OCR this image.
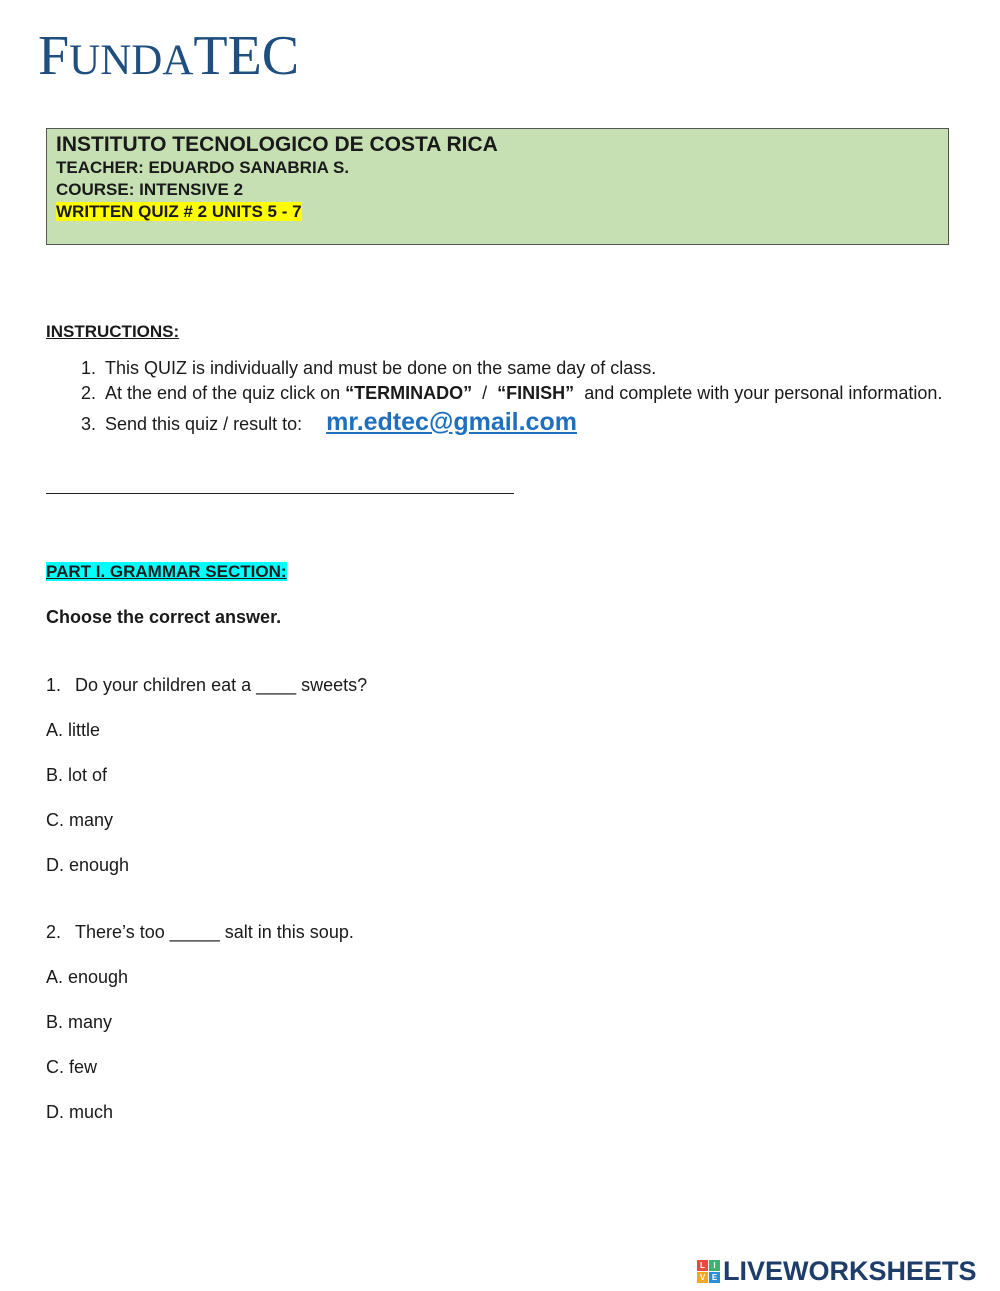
FUNDATEC
INSTITUTO TECNOLOGICO DE COSTA RICA
TEACHER: EDUARDO SANABRIA S.
COURSE: INTENSIVE 2
WRITTEN QUIZ # 2 UNITS 5 - 7
INSTRUCTIONS:
1. This QUIZ is individually and must be done on the same day of class.
2. At the end of the quiz click on “TERMINADO”  /  “FINISH”  and complete with your personal information.
3. Send this quiz / result to: mr.edtec@gmail.com
PART I. GRAMMAR SECTION:
Choose the correct answer.
1. Do your children eat a ____ sweets?
A. little
B. lot of
C. many
D. enough
2. There’s too _____ salt in this soup.
A. enough
B. many
C. few
D. much
L	I
V E LIVEWORKSHEETS
